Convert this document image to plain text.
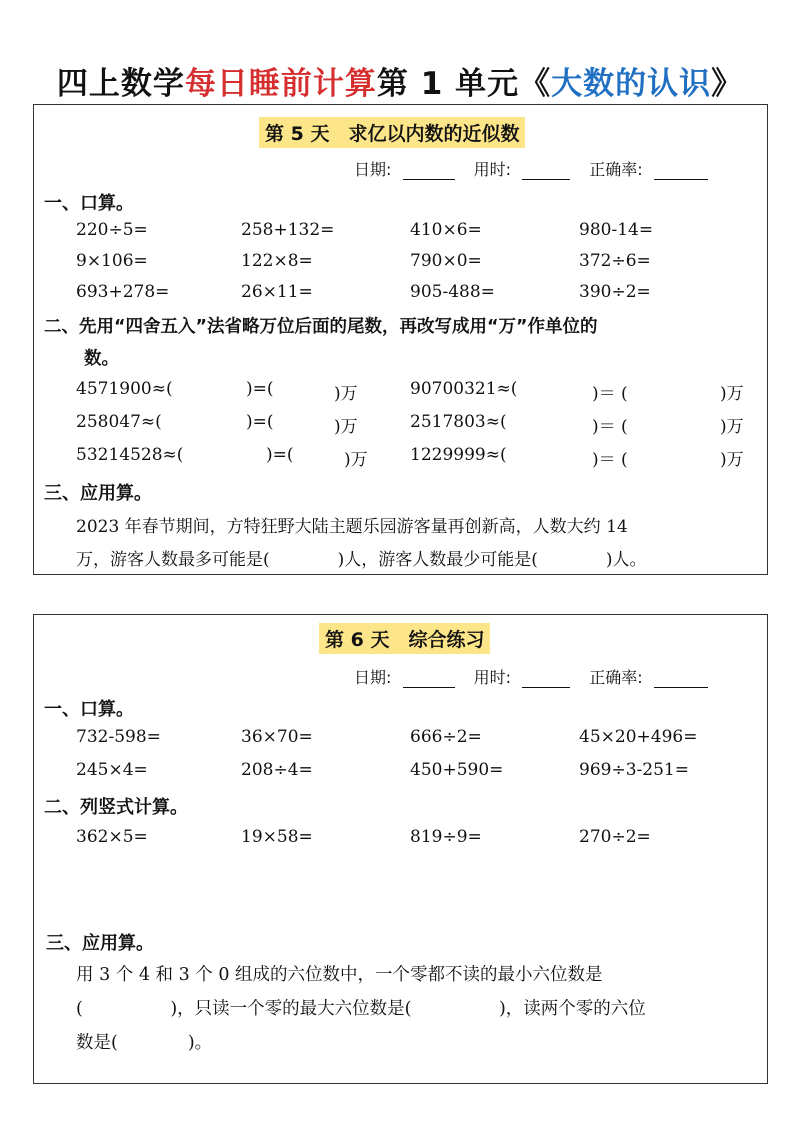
四上数学每日睡前计算第 1 单元《大数的认识》
第 5 天　求亿以内数的近似数
日期:	用时:	正确率:
一、口算。
220÷5=	258+132=	410×6=	980-14=
9×106=	122×8=	790×0=	372÷6=
693+278=	26×11=	905-488=	390÷2=
二、先用“四舍五入”法省略万位后面的尾数，再改写成用“万”作单位的
数。
4571900≈(	)=(	)万	90700321≈(	)＝ (	)万
258047≈(	)=(	)万	2517803≈(	)＝ (	)万
53214528≈(	)=(	)万 1229999≈(	)＝ (	)万
三、应用算。
2023 年春节期间，方特狂野大陆主题乐园游客量再创新高，人数大约 14
万，游客人数最多可能是(　　　　)人，游客人数最少可能是(　　　　)人。
第 6 天　综合练习
日期:	用时:	正确率:
一、口算。
732-598=	36×70=	666÷2=	45×20+496=
245×4=	208÷4=	450+590=	969÷3-251=
二、列竖式计算。
362×5=	19×58=	819÷9=	270÷2=
三、应用算。
用 3 个 4 和 3 个 0 组成的六位数中，一个零都不读的最小六位数是
(　　　　　)，只读一个零的最大六位数是(　　　　　)，读两个零的六位
数是(　　　　)。
